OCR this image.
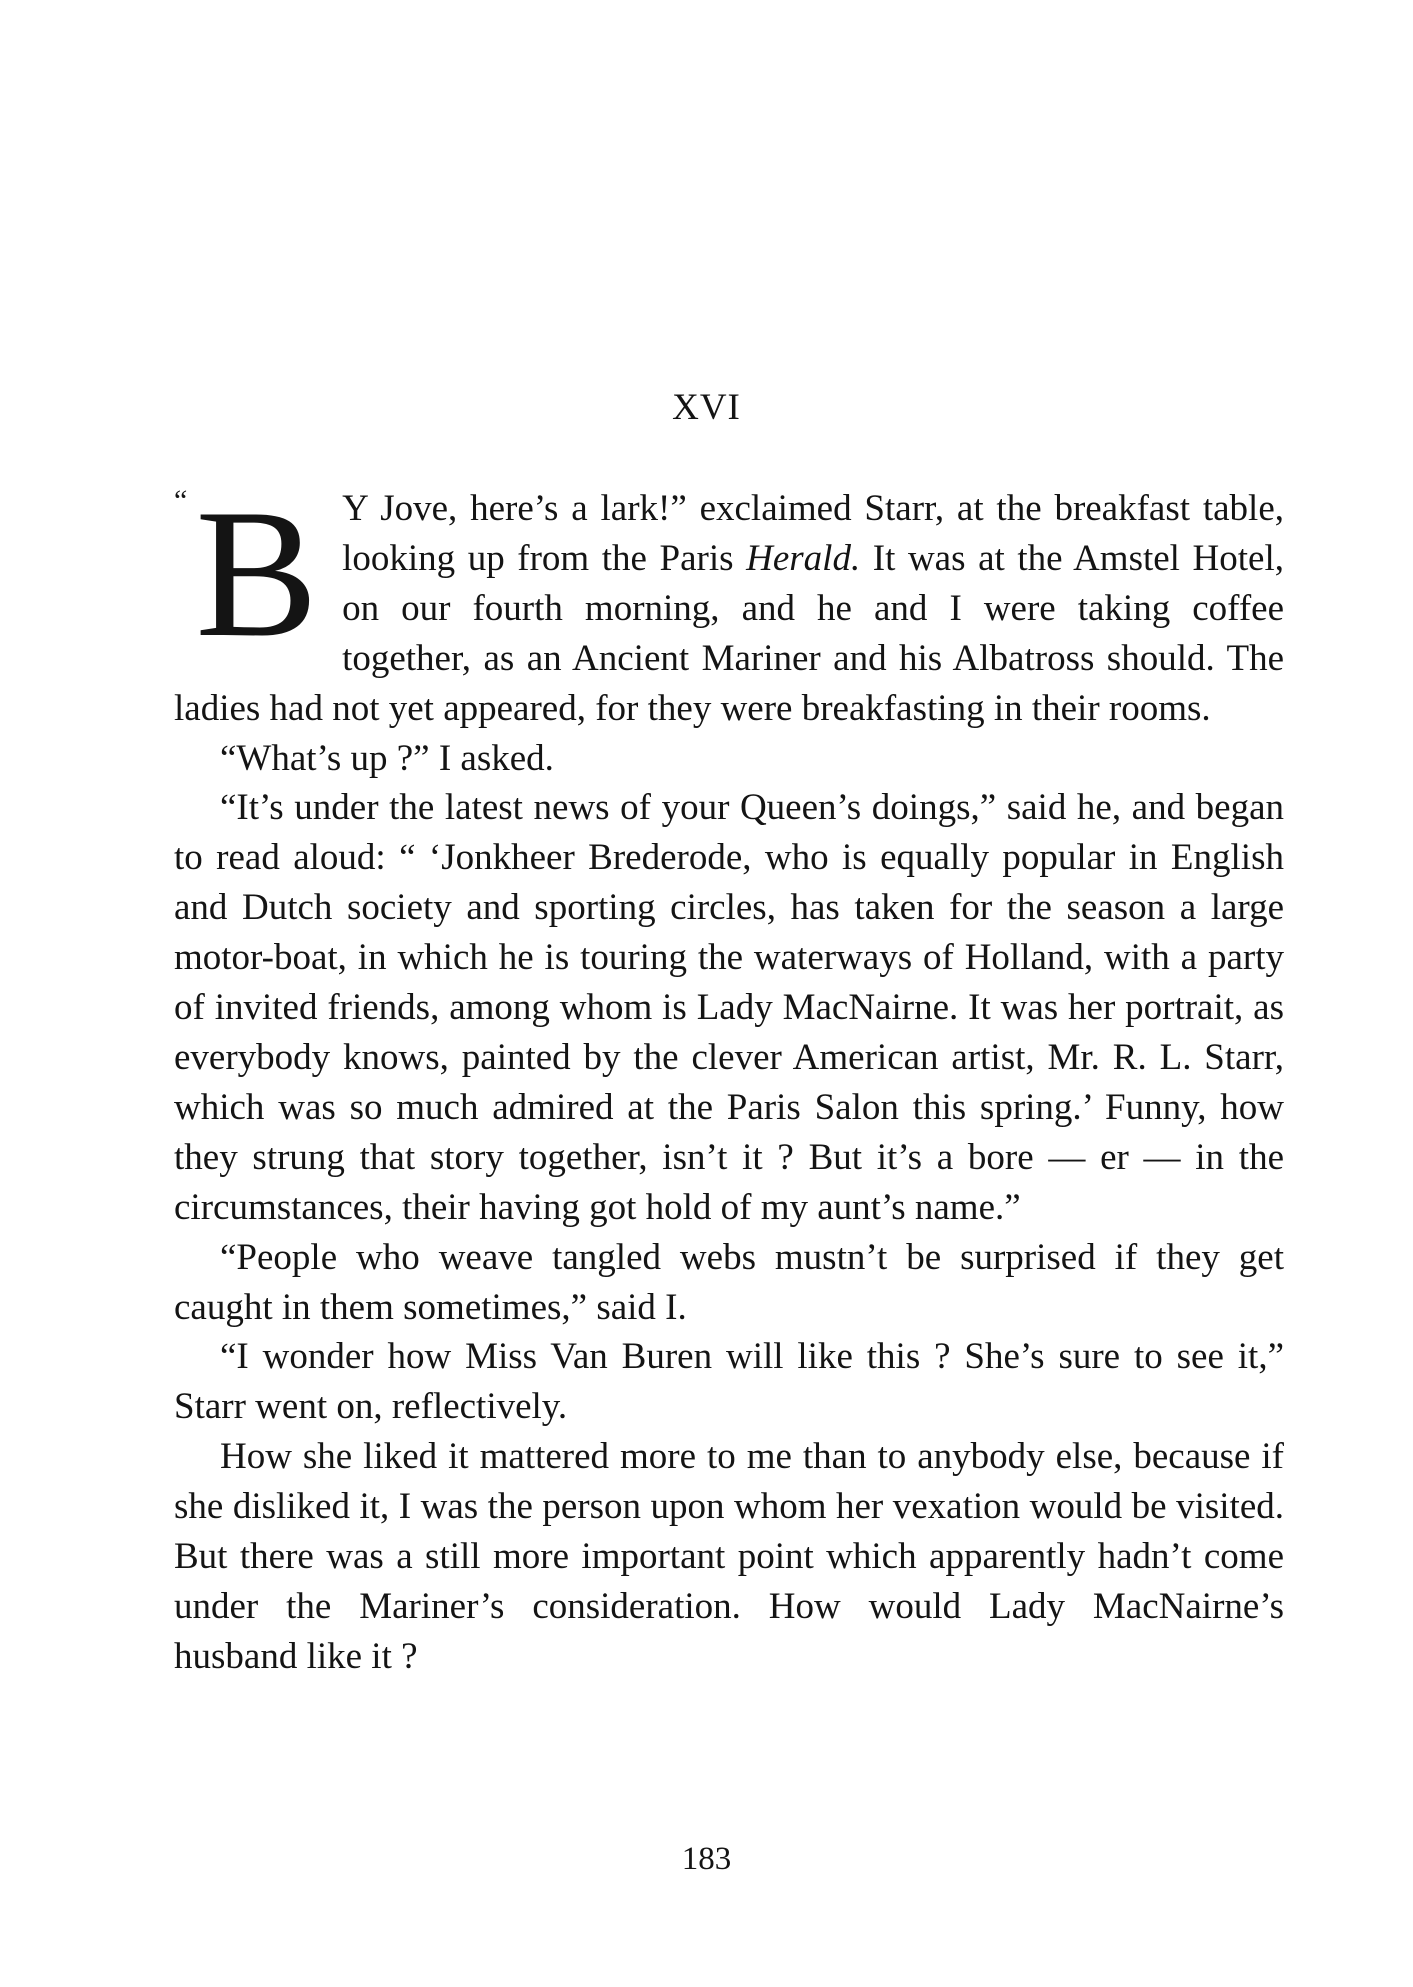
XVI

“ B Y Jove, here’s a lark!” exclaimed Starr, at the breakfast table, looking up from the Paris Herald. It was at the Amstel Hotel, on our fourth morning, and he and I were taking coffee together, as an Ancient Mariner and his Albatross should. The ladies had not yet appeared, for they were breakfasting in their rooms.

“What’s up ?” I asked.

“It’s under the latest news of your Queen’s doings,” said he, and began to read aloud: “ ‘Jonkheer Brederode, who is equally popular in English and Dutch society and sporting circles, has taken for the season a large motor-boat, in which he is touring the waterways of Holland, with a party of invited friends, among whom is Lady MacNairne. It was her portrait, as everybody knows, painted by the clever American artist, Mr. R. L. Starr, which was so much admired at the Paris Salon this spring.’ Funny, how they strung that story together, isn’t it ? But it’s a bore — er — in the circumstances, their having got hold of my aunt’s name.”

“People who weave tangled webs mustn’t be surprised if they get caught in them sometimes,” said I.

“I wonder how Miss Van Buren will like this ? She’s sure to see it,” Starr went on, reflectively.

How she liked it mattered more to me than to anybody else, because if she disliked it, I was the person upon whom her vexation would be visited. But there was a still more important point which apparently hadn’t come under the Mariner’s consideration. How would Lady MacNairne’s husband like it ?

183
